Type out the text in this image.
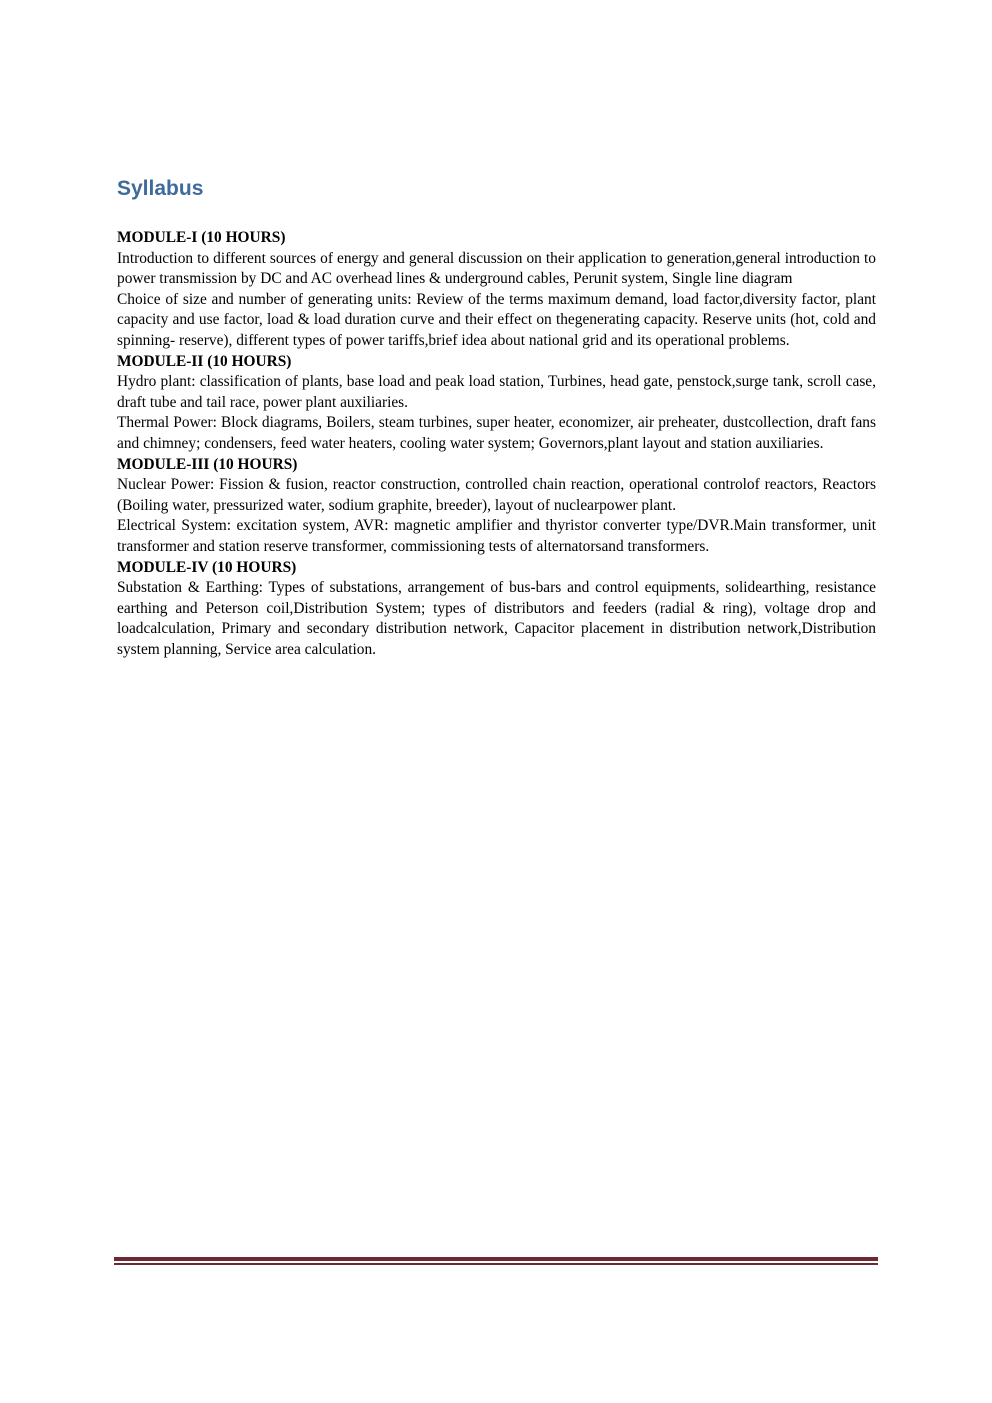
Syllabus

MODULE-I (10 HOURS)

Introduction to different sources of energy and general discussion on their application to generation,general introduction to power transmission by DC and AC overhead lines & underground cables, Perunit system, Single line diagram

Choice of size and number of generating units: Review of the terms maximum demand, load factor,diversity factor, plant capacity and use factor, load & load duration curve and their effect on thegenerating capacity. Reserve units (hot, cold and spinning- reserve), different types of power tariffs,brief idea about national grid and its operational problems.

MODULE-II (10 HOURS)

Hydro plant: classification of plants, base load and peak load station, Turbines, head gate, penstock,surge tank, scroll case, draft tube and tail race, power plant auxiliaries.

Thermal Power: Block diagrams, Boilers, steam turbines, super heater, economizer, air preheater, dustcollection, draft fans and chimney; condensers, feed water heaters, cooling water system; Governors,plant layout and station auxiliaries.

MODULE-III (10 HOURS)

Nuclear Power: Fission & fusion, reactor construction, controlled chain reaction, operational controlof reactors, Reactors (Boiling water, pressurized water, sodium graphite, breeder), layout of nuclearpower plant.

Electrical System: excitation system, AVR: magnetic amplifier and thyristor converter type/DVR.Main transformer, unit transformer and station reserve transformer, commissioning tests of alternatorsand transformers.

MODULE-IV (10 HOURS)

Substation & Earthing: Types of substations, arrangement of bus-bars and control equipments, solidearthing, resistance earthing and Peterson coil,Distribution System; types of distributors and feeders (radial & ring), voltage drop and loadcalculation, Primary and secondary distribution network, Capacitor placement in distribution network,Distribution system planning, Service area calculation.
